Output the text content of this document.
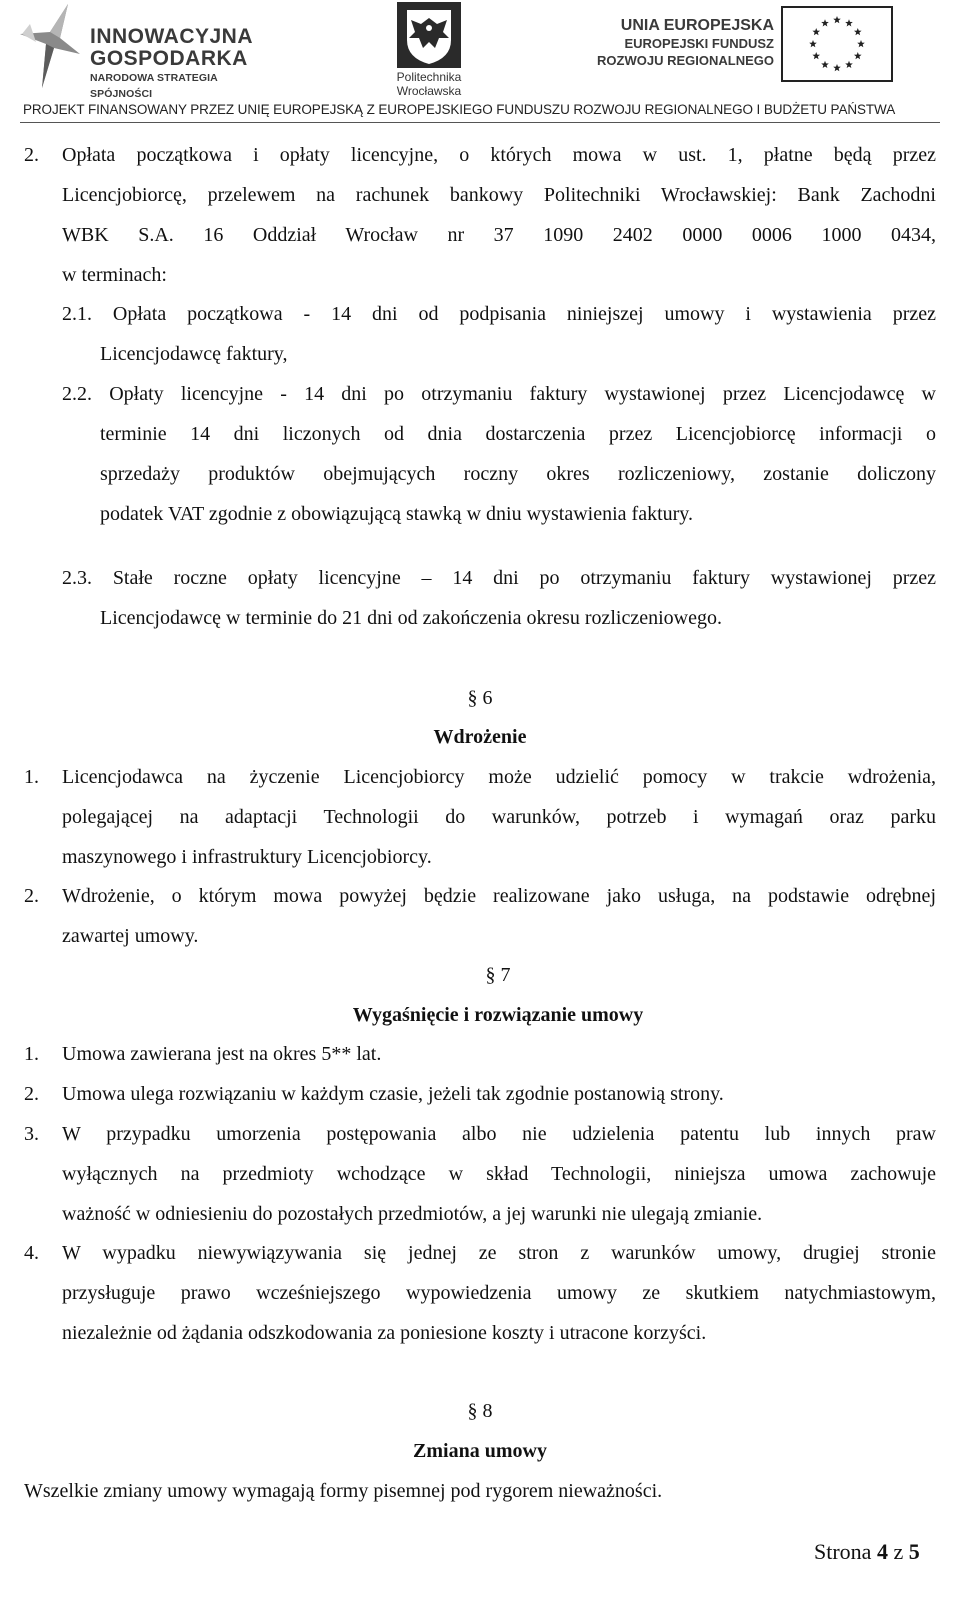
INNOWACYJNA
GOSPODARKA
NARODOWA STRATEGIA SPÓJNOŚCI
Politechnika
Wrocławska
UNIA EUROPEJSKA
EUROPEJSKI FUNDUSZ
ROZWOJU REGIONALNEGO
PROJEKT FINANSOWANY PRZEZ UNIĘ EUROPEJSKĄ Z EUROPEJSKIEGO FUNDUSZU ROZWOJU REGIONALNEGO I BUDŻETU PAŃSTWA
2. Opłata początkowa i opłaty licencyjne, o których mowa w ust. 1, płatne będą przez
Licencjobiorcę, przelewem na rachunek bankowy Politechniki Wrocławskiej: Bank Zachodni
WBK S.A. 16 Oddział Wrocław nr 37 1090 2402 0000 0006 1000 0434,
w terminach:
2.1. Opłata początkowa - 14 dni od podpisania niniejszej umowy i wystawienia przez
Licencjodawcę faktury,
2.2. Opłaty licencyjne - 14 dni po otrzymaniu faktury wystawionej przez Licencjodawcę w
terminie 14 dni liczonych od dnia dostarczenia przez Licencjobiorcę informacji o
sprzedaży produktów obejmujących roczny okres rozliczeniowy, zostanie doliczony
podatek VAT zgodnie z obowiązującą stawką w dniu wystawienia faktury.
2.3. Stałe roczne opłaty licencyjne – 14 dni po otrzymaniu faktury wystawionej przez
Licencjodawcę w terminie do 21 dni od zakończenia okresu rozliczeniowego.
§ 6
Wdrożenie
1. Licencjodawca na życzenie Licencjobiorcy może udzielić pomocy w trakcie wdrożenia,
polegającej na adaptacji Technologii do warunków, potrzeb i wymagań oraz parku
maszynowego i infrastruktury Licencjobiorcy.
2. Wdrożenie, o którym mowa powyżej będzie realizowane jako usługa, na podstawie odrębnej
zawartej umowy.
§ 7
Wygaśnięcie i rozwiązanie umowy
1. Umowa zawierana jest na okres 5** lat.
2. Umowa ulega rozwiązaniu w każdym czasie, jeżeli tak zgodnie postanowią strony.
3. W przypadku umorzenia postępowania albo nie udzielenia patentu lub innych praw
wyłącznych na przedmioty wchodzące w skład Technologii, niniejsza umowa zachowuje
ważność w odniesieniu do pozostałych przedmiotów, a jej warunki nie ulegają zmianie.
4. W wypadku niewywiązywania się jednej ze stron z warunków umowy, drugiej stronie
przysługuje prawo wcześniejszego wypowiedzenia umowy ze skutkiem natychmiastowym,
niezależnie od żądania odszkodowania za poniesione koszty i utracone korzyści.
§ 8
Zmiana umowy
Wszelkie zmiany umowy wymagają formy pisemnej pod rygorem nieważności.
Strona 4 z 5
